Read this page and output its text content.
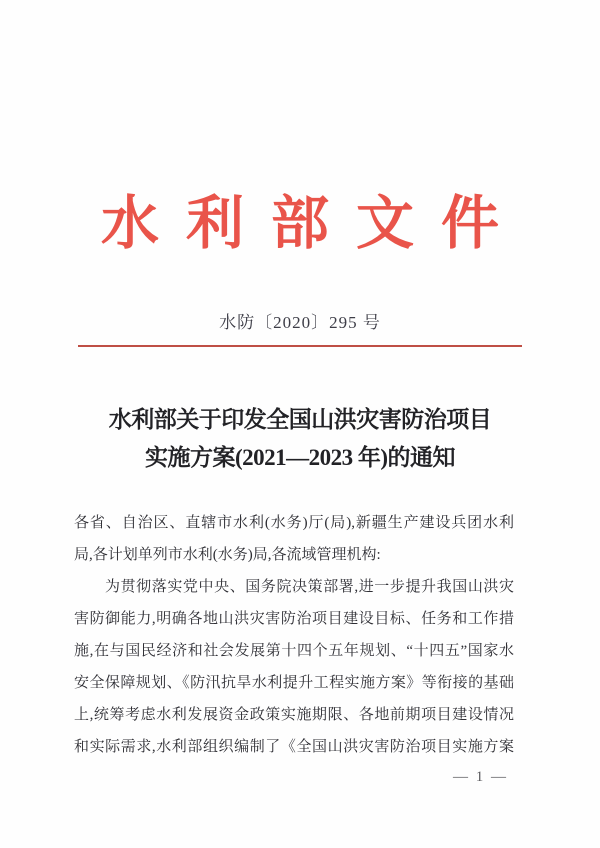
水利部文件
水防〔2020〕295 号
水利部关于印发全国山洪灾害防治项目
实施方案(2021—2023 年)的通知
各省、自治区、直辖市水利(水务)厅(局),新疆生产建设兵团水利
局,各计划单列市水利(水务)局,各流域管理机构:
为贯彻落实党中央、国务院决策部署,进一步提升我国山洪灾
害防御能力,明确各地山洪灾害防治项目建设目标、任务和工作措
施,在与国民经济和社会发展第十四个五年规划、“十四五”国家水
安全保障规划、《防汛抗旱水利提升工程实施方案》等衔接的基础
上,统筹考虑水利发展资金政策实施期限、各地前期项目建设情况
和实际需求,水利部组织编制了《全国山洪灾害防治项目实施方案
— 1 —
